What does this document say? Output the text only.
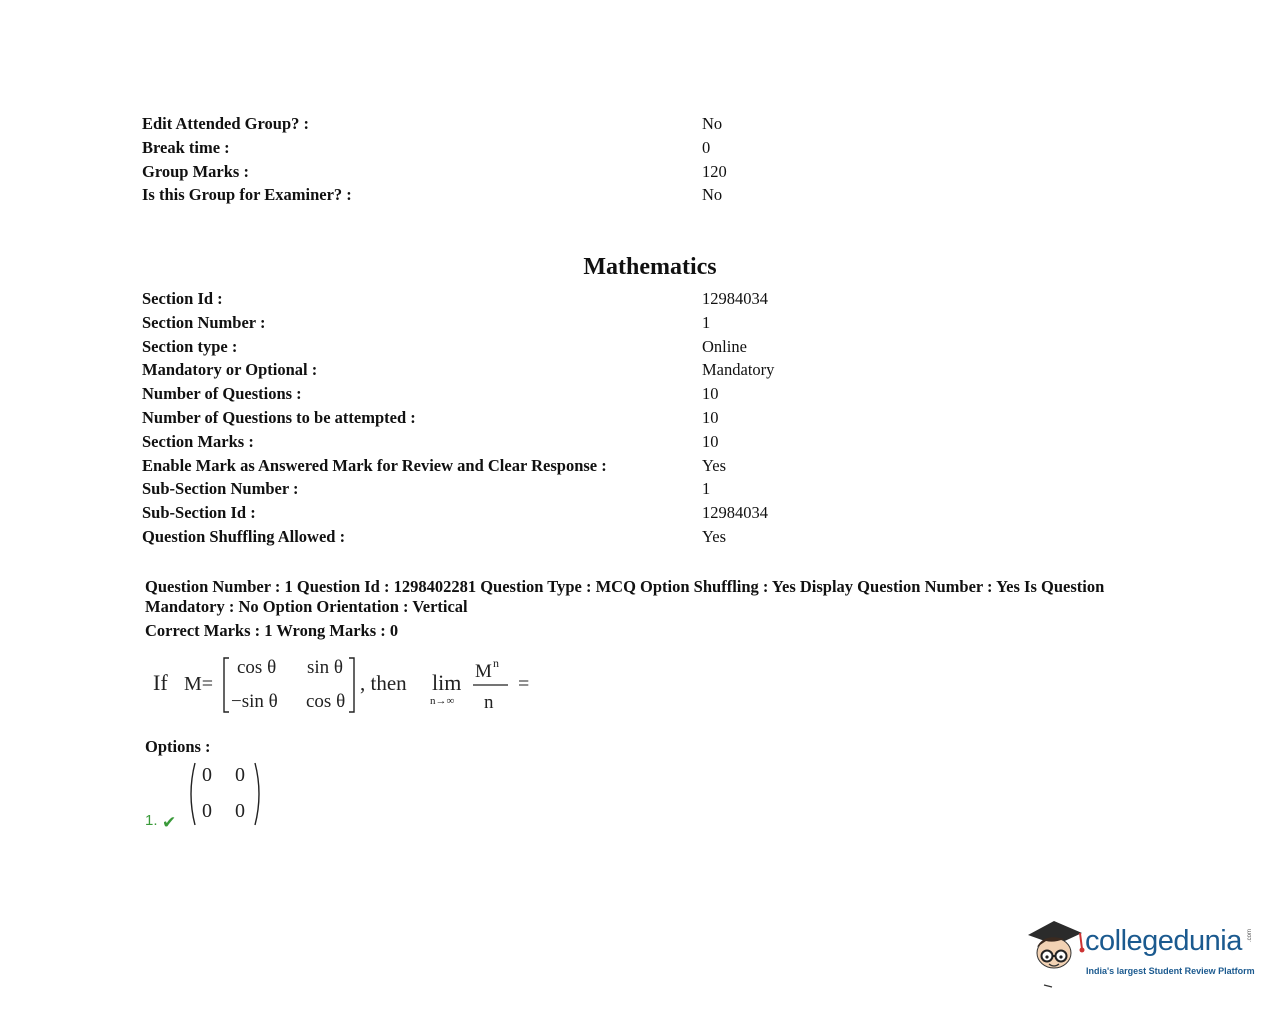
Edit Attended Group? :	No
Break time :	0
Group Marks :	120
Is this Group for Examiner? :	No
Mathematics
Section Id :	12984034
Section Number :	1
Section type :	Online
Mandatory or Optional :	Mandatory
Number of Questions :	10
Number of Questions to be attempted :	10
Section Marks :	10
Enable Mark as Answered Mark for Review and Clear Response :	Yes
Sub-Section Number :	1
Sub-Section Id :	12984034
Question Shuffling Allowed :	Yes
Question Number : 1 Question Id : 1298402281 Question Type : MCQ Option Shuffling : Yes Display Question Number : Yes Is Question Mandatory : No Option Orientation : Vertical
Correct Marks : 1 Wrong Marks : 0
If M=
cos θ sin θ
−sin θ cos θ
, then lim
n→∞
M n
n
=
Options :
1. ✔
0 0
0 0
collegedunia .com
India's largest Student Review Platform
